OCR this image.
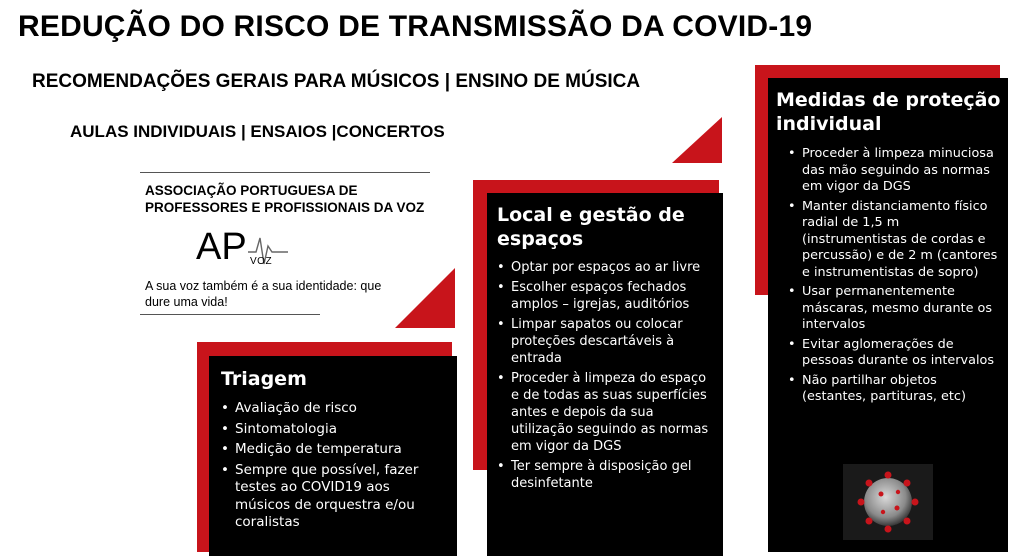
REDUÇÃO DO RISCO DE TRANSMISSÃO DA COVID-19
RECOMENDAÇÕES GERAIS PARA MÚSICOS | ENSINO DE MÚSICA
AULAS INDIVIDUAIS | ENSAIOS |CONCERTOS
ASSOCIAÇÃO PORTUGUESA DE PROFESSORES E PROFISSIONAIS DA VOZ
AP VOZ
A sua voz também é a sua identidade: que dure uma vida!
Triagem
• Avaliação de risco
• Sintomatologia
• Medição de temperatura
• Sempre que possível, fazer testes ao COVID19 aos músicos de orquestra e/ou coralistas
Local e gestão de espaços
• Optar por espaços ao ar livre
• Escolher espaços fechados amplos – igrejas, auditórios
• Limpar sapatos ou colocar proteções descartáveis à entrada
• Proceder à limpeza do espaço e de todas as suas superfícies antes e depois da sua utilização seguindo as normas em vigor da DGS
• Ter sempre à disposição gel desinfetante
Medidas de proteção individual
• Proceder à limpeza minuciosa das mão seguindo as normas em vigor da DGS
• Manter distanciamento físico radial de 1,5 m (instrumentistas de cordas e percussão) e de 2 m (cantores e instrumentistas de sopro)
• Usar permanentemente máscaras, mesmo durante os intervalos
• Evitar aglomerações de pessoas durante os intervalos
• Não partilhar objetos (estantes, partituras, etc)
